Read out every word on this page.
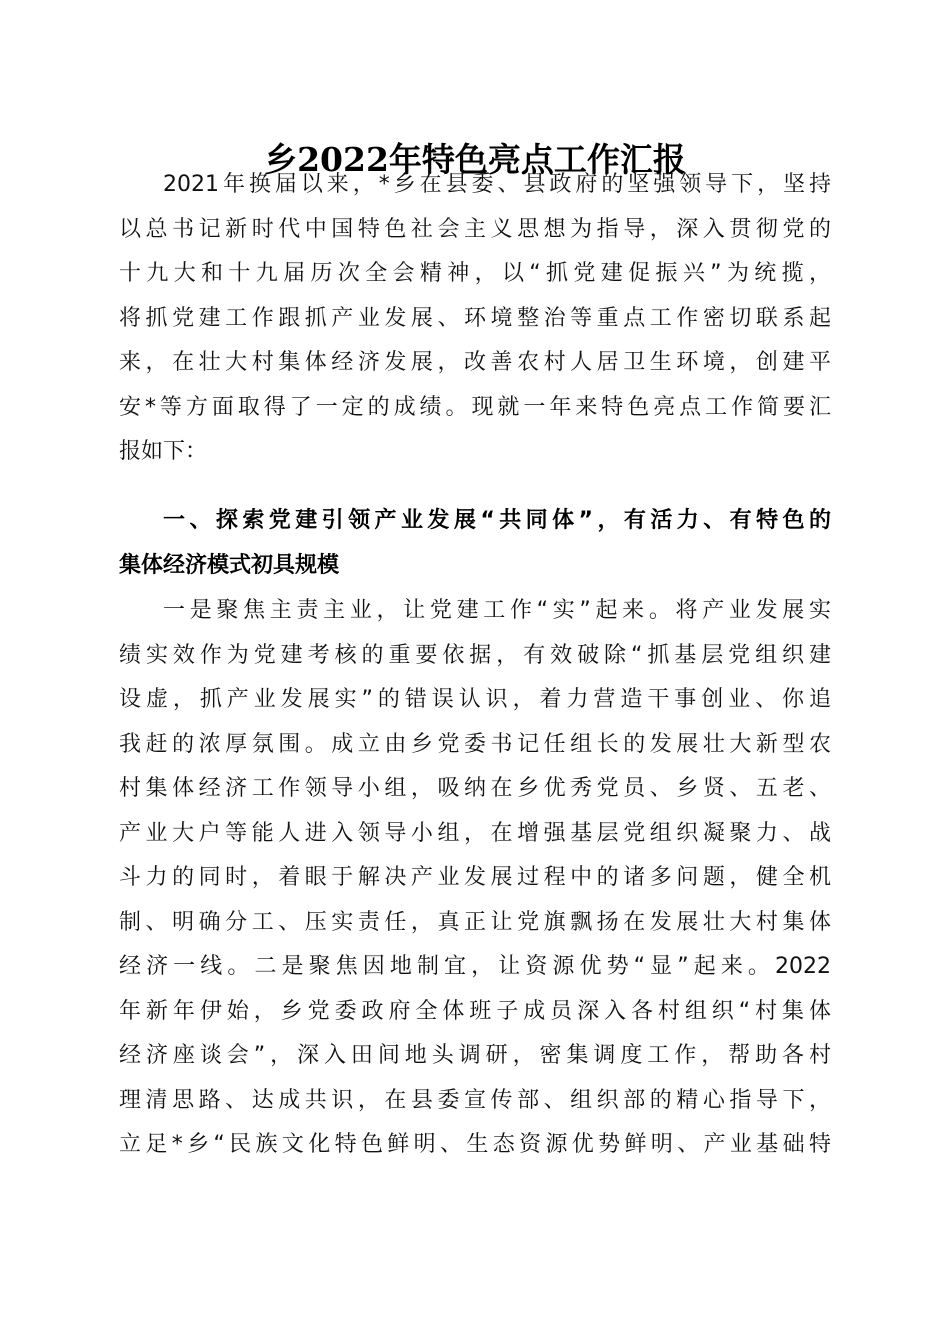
乡2022年特色亮点工作汇报
2021年换届以来，*乡在县委、县政府的坚强领导下，坚持
以总书记新时代中国特色社会主义思想为指导，深入贯彻党的
十九大和十九届历次全会精神，以“抓党建促振兴”为统揽，
将抓党建工作跟抓产业发展、环境整治等重点工作密切联系起
来，在壮大村集体经济发展，改善农村人居卫生环境，创建平
安*等方面取得了一定的成绩。现就一年来特色亮点工作简要汇
报如下：
一、探索党建引领产业发展“共同体”，有活力、有特色的
集体经济模式初具规模
一是聚焦主责主业，让党建工作“实”起来。将产业发展实
绩实效作为党建考核的重要依据，有效破除“抓基层党组织建
设虚，抓产业发展实”的错误认识，着力营造干事创业、你追
我赶的浓厚氛围。成立由乡党委书记任组长的发展壮大新型农
村集体经济工作领导小组，吸纳在乡优秀党员、乡贤、五老、
产业大户等能人进入领导小组，在增强基层党组织凝聚力、战
斗力的同时，着眼于解决产业发展过程中的诸多问题，健全机
制、明确分工、压实责任，真正让党旗飘扬在发展壮大村集体
经济一线。二是聚焦因地制宜，让资源优势“显”起来。2022
年新年伊始，乡党委政府全体班子成员深入各村组织“村集体
经济座谈会”，深入田间地头调研，密集调度工作，帮助各村
理清思路、达成共识，在县委宣传部、组织部的精心指导下，
立足*乡“民族文化特色鲜明、生态资源优势鲜明、产业基础特
